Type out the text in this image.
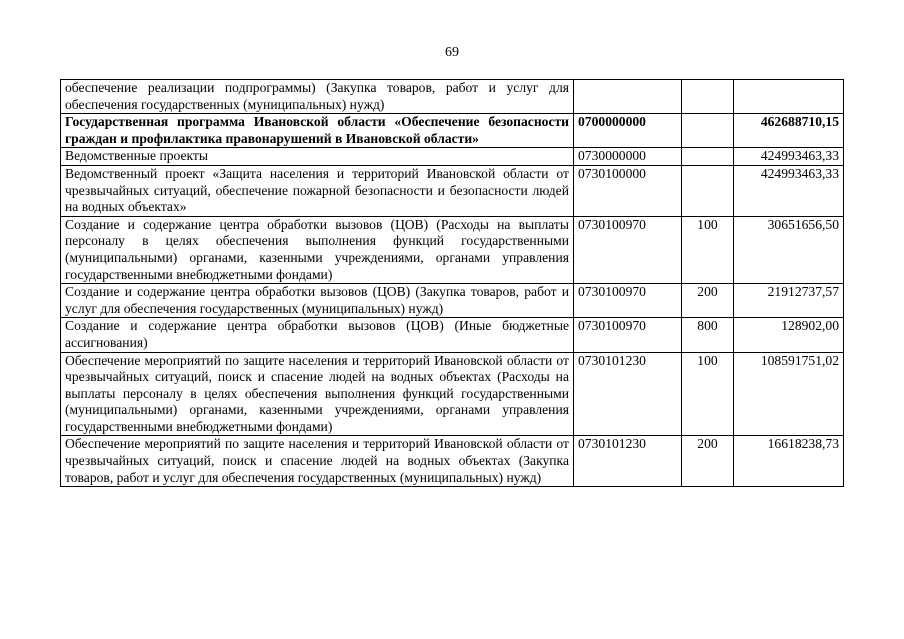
69
обеспечение реализации подпрограммы) (Закупка товаров, работ и услуг для обеспечения государственных (муниципальных) нужд)			
Государственная программа Ивановской области «Обеспечение безопасности граждан и профилактика правонарушений в Ивановской области»	0700000000		462688710,15
Ведомственные проекты	0730000000		424993463,33
Ведомственный проект «Защита населения и территорий Ивановской области от чрезвычайных ситуаций, обеспечение пожарной безопасности и безопасности людей на водных объектах»	0730100000		424993463,33
Создание и содержание центра обработки вызовов (ЦОВ) (Расходы на выплаты персоналу в целях обеспечения выполнения функций государственными (муниципальными) органами, казенными учреждениями, органами управления государственными внебюджетными фондами)	0730100970	100	30651656,50
Создание и содержание центра обработки вызовов (ЦОВ) (Закупка товаров, работ и услуг для обеспечения государственных (муниципальных) нужд)	0730100970	200	21912737,57
Создание и содержание центра обработки вызовов (ЦОВ) (Иные бюджетные ассигнования)	0730100970	800	128902,00
Обеспечение мероприятий по защите населения и территорий Ивановской области от чрезвычайных ситуаций, поиск и спасение людей на водных объектах (Расходы на выплаты персоналу в целях обеспечения выполнения функций государственными (муниципальными) органами, казенными учреждениями, органами управления государственными внебюджетными фондами)	0730101230	100	108591751,02
Обеспечение мероприятий по защите населения и территорий Ивановской области от чрезвычайных ситуаций, поиск и спасение людей на водных объектах (Закупка товаров, работ и услуг для обеспечения государственных (муниципальных) нужд)	0730101230	200	16618238,73
